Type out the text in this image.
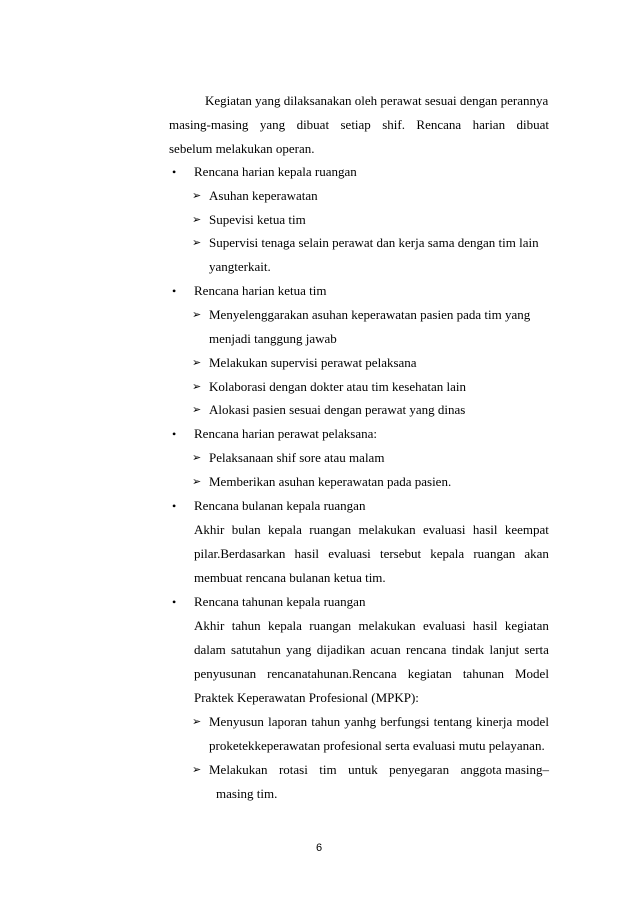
Kegiatan yang dilaksanakan oleh perawat sesuai dengan perannya
masing-masing yang dibuat setiap shif. Rencana harian dibuat
sebelum melakukan operan.
• Rencana harian kepala ruangan
➢ Asuhan keperawatan
➢ Supevisi ketua tim
➢ Supervisi tenaga selain perawat dan kerja sama dengan tim lain
yangterkait.
• Rencana harian ketua tim
➢ Menyelenggarakan asuhan keperawatan pasien pada tim yang
menjadi tanggung jawab
➢ Melakukan supervisi perawat pelaksana
➢ Kolaborasi dengan dokter atau tim kesehatan lain
➢ Alokasi pasien sesuai dengan perawat yang dinas
• Rencana harian perawat pelaksana:
➢ Pelaksanaan shif sore atau malam
➢ Memberikan asuhan keperawatan pada pasien.
• Rencana bulanan kepala ruangan
Akhir bulan kepala ruangan melakukan evaluasi hasil keempat
pilar.Berdasarkan hasil evaluasi tersebut kepala ruangan akan
membuat rencana bulanan ketua tim.
• Rencana tahunan kepala ruangan
Akhir tahun kepala ruangan melakukan evaluasi hasil kegiatan
dalam satutahun yang dijadikan acuan rencana tindak lanjut serta
penyusunan rencanatahunan.Rencana kegiatan tahunan Model
Praktek Keperawatan Profesional (MPKP):
➢ Menyusun laporan tahun yanhg berfungsi tentang kinerja model
proketekkeperawatan profesional serta evaluasi mutu pelayanan.
➢ Melakukan rotasi tim untuk penyegaran anggota masing–
masing tim.
6
